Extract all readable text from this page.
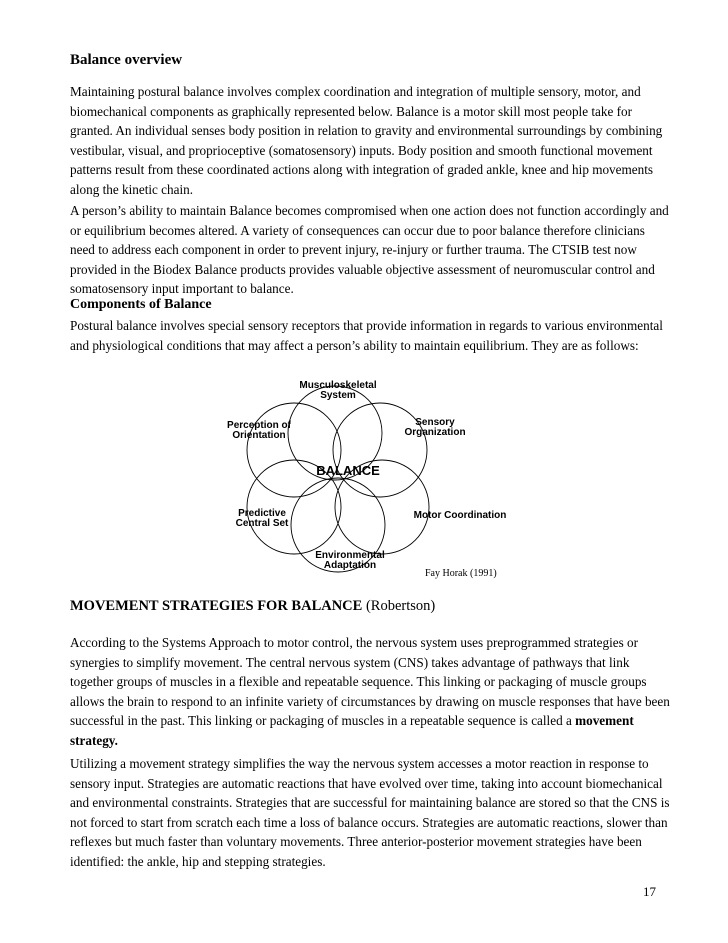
Balance overview

Maintaining postural balance involves complex coordination and integration of multiple sensory, motor, and biomechanical components as graphically represented below. Balance is a motor skill most people take for granted. An individual senses body position in relation to gravity and environmental surroundings by combining vestibular, visual, and proprioceptive (somatosensory) inputs. Body position and smooth functional movement patterns result from these coordinated actions along with integration of graded ankle, knee and hip movements along the kinetic chain.

A person’s ability to maintain Balance becomes compromised when one action does not function accordingly and or equilibrium becomes altered. A variety of consequences can occur due to poor balance therefore clinicians need to address each component in order to prevent injury, re-injury or further trauma. The CTSIB test now provided in the Biodex Balance products provides valuable objective assessment of neuromuscular control and somatosensory input important to balance.

Components of Balance

Postural balance involves special sensory receptors that provide information in regards to various environmental and physiological conditions that may affect a person’s ability to maintain equilibrium. They are as follows:

Musculoskeletal
System
Sensory
Organization
Motor Coordination
Environmental
Adaptation
Predictive
Central Set
Perception of
Orientation
BALANCE
Fay Horak (1991)
MOVEMENT STRATEGIES FOR BALANCE (Robertson)

According to the Systems Approach to motor control, the nervous system uses preprogrammed strategies or synergies to simplify movement. The central nervous system (CNS) takes advantage of pathways that link together groups of muscles in a flexible and repeatable sequence. This linking or packaging of muscle groups allows the brain to respond to an infinite variety of circumstances by drawing on muscle responses that have been successful in the past. This linking or packaging of muscles in a repeatable sequence is called a movement strategy.

Utilizing a movement strategy simplifies the way the nervous system accesses a motor reaction in response to sensory input. Strategies are automatic reactions that have evolved over time, taking into account biomechanical and environmental constraints. Strategies that are successful for maintaining balance are stored so that the CNS is not forced to start from scratch each time a loss of balance occurs. Strategies are automatic reactions, slower than reflexes but much faster than voluntary movements. Three anterior-posterior movement strategies have been identified: the ankle, hip and stepping strategies.

17
